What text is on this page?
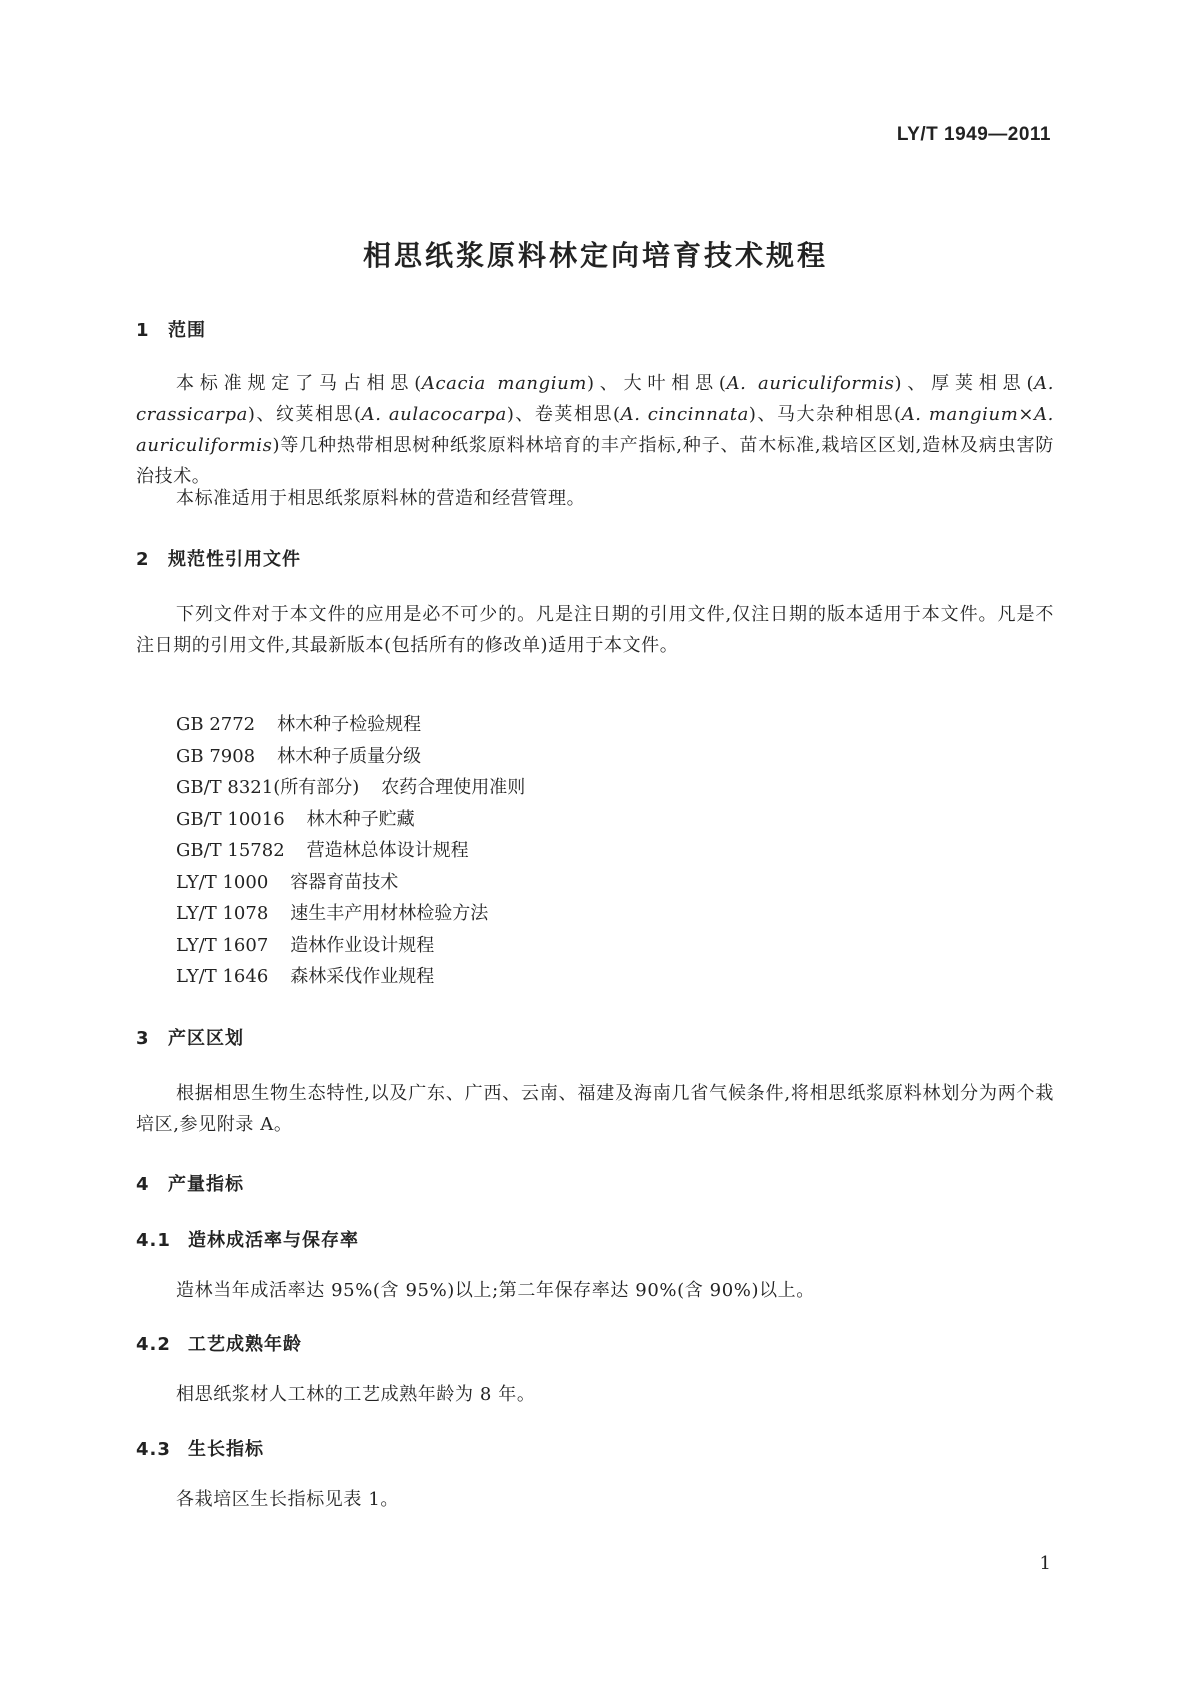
LY/T 1949—2011
相思纸浆原料林定向培育技术规程
1 范围
本标准规定了马占相思(Acacia mangium)、大叶相思(A. auriculiformis)、厚荚相思(A. crassicarpa)、纹荚相思(A. aulacocarpa)、卷荚相思(A. cincinnata)、马大杂种相思(A. mangium×A. auriculiformis)等几种热带相思树种纸浆原料林培育的丰产指标,种子、苗木标准,栽培区区划,造林及病虫害防治技术。
本标准适用于相思纸浆原料林的营造和经营管理。
2 规范性引用文件
下列文件对于本文件的应用是必不可少的。凡是注日期的引用文件,仅注日期的版本适用于本文件。凡是不注日期的引用文件,其最新版本(包括所有的修改单)适用于本文件。
GB 2772 林木种子检验规程
GB 7908 林木种子质量分级
GB/T 8321(所有部分) 农药合理使用准则
GB/T 10016 林木种子贮藏
GB/T 15782 营造林总体设计规程
LY/T 1000 容器育苗技术
LY/T 1078 速生丰产用材林检验方法
LY/T 1607 造林作业设计规程
LY/T 1646 森林采伐作业规程
3 产区区划
根据相思生物生态特性,以及广东、广西、云南、福建及海南几省气候条件,将相思纸浆原料林划分为两个栽培区,参见附录 A。
4 产量指标
4.1 造林成活率与保存率
造林当年成活率达 95%(含 95%)以上;第二年保存率达 90%(含 90%)以上。
4.2 工艺成熟年龄
相思纸浆材人工林的工艺成熟年龄为 8 年。
4.3 生长指标
各栽培区生长指标见表 1。
1
